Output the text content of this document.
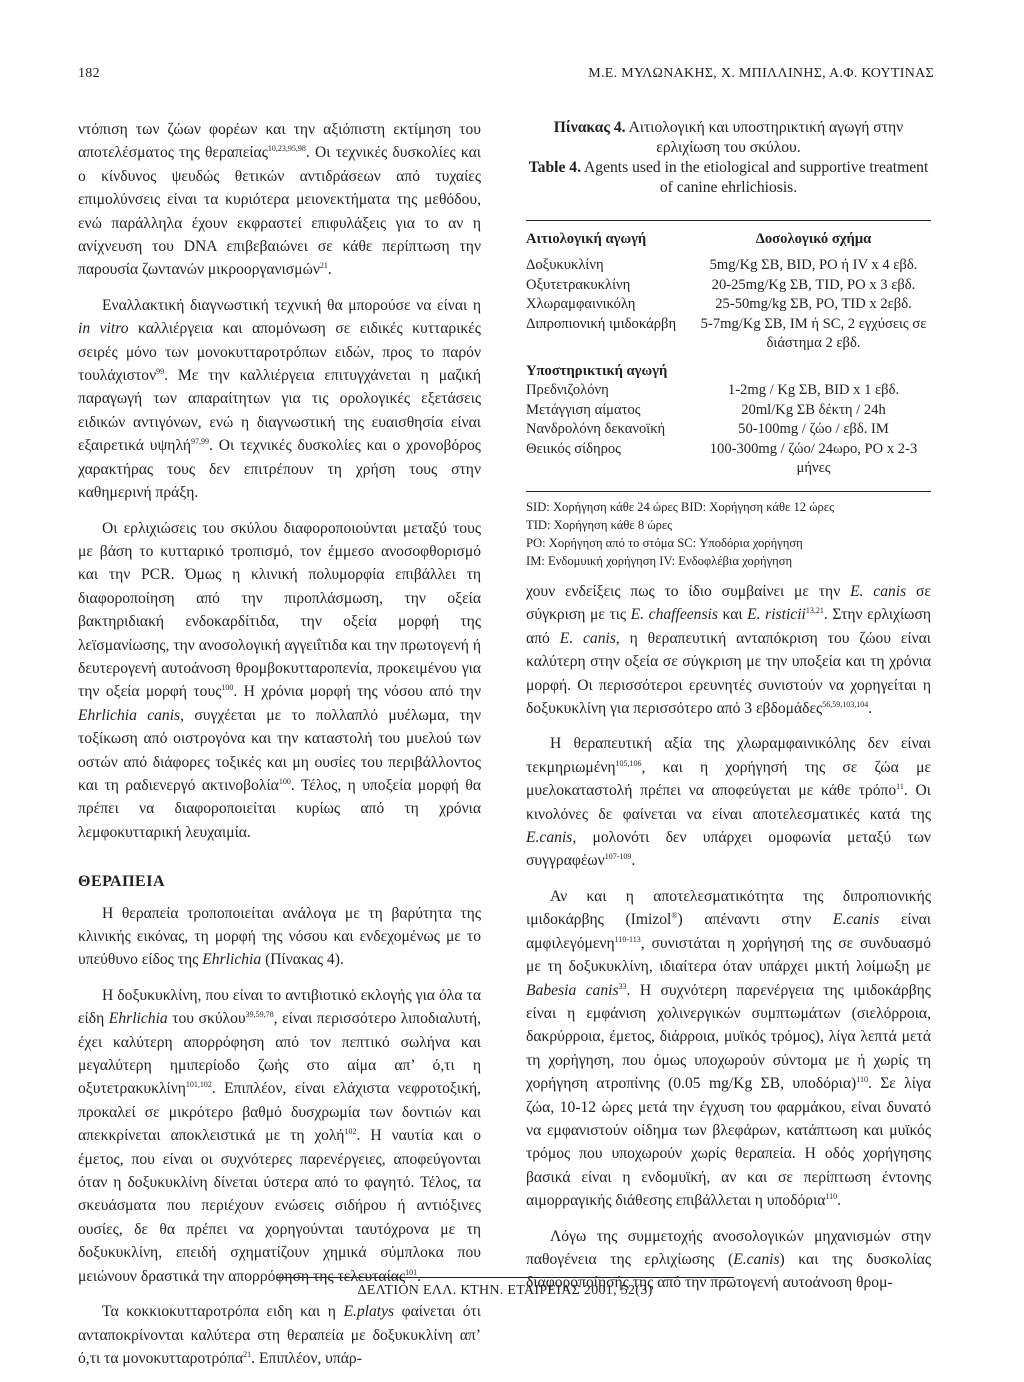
182	Μ.Ε. ΜΥΛΩΝΑΚΗΣ, Χ. ΜΠΙΛΛΙΝΗΣ, Α.Φ. ΚΟΥΤΙΝΑΣ

ντόπιση των ζώων φορέων και την αξιόπιστη εκτίμηση του αποτελέσματος της θεραπείας$^{10,23,95,98}$. Οι τεχνικές δυσκολίες και ο κίνδυνος ψευδώς θετικών αντιδράσεων από τυχαίες επιμολύνσεις είναι τα κυριότερα μειονεκτήματα της μεθόδου, ενώ παράλληλα έχουν εκφραστεί επιφυλάξεις για το αν η ανίχνευση του DNA επιβεβαιώνει σε κάθε περίπτωση την παρουσία ζωντανών μικροοργανισμών$^{21}$.

Εναλλακτική διαγνωστική τεχνική θα μπορούσε να είναι η in vitro καλλιέργεια και απομόνωση σε ειδικές κυτταρικές σειρές μόνο των μονοκυτταροτρόπων ειδών, προς το παρόν τουλάχιστον$^{99}$. Με την καλλιέργεια επιτυγχάνεται η μαζική παραγωγή των απαραίτητων για τις ορολογικές εξετάσεις ειδικών αντιγόνων, ενώ η διαγνωστική της ευαισθησία είναι εξαιρετικά υψηλή$^{97,99}$. Οι τεχνικές δυσκολίες και ο χρονοβόρος χαρακτήρας τους δεν επιτρέπουν τη χρήση τους στην καθημερινή πράξη.

Οι ερλιχιώσεις του σκύλου διαφοροποιούνται μεταξύ τους με βάση το κυτταρικό τροπισμό, τον έμμεσο ανοσοφθορισμό και την PCR. Όμως η κλινική πολυμορφία επιβάλλει τη διαφοροποίηση από την πιροπλάσμωση, την οξεία βακτηριδιακή ενδοκαρδίτιδα, την οξεία μορφή της λεϊσμανίωσης, την ανοσολογική αγγειΐτιδα και την πρωτογενή ή δευτερογενή αυτοάνοση θρομβοκυτταροπενία, προκειμένου για την οξεία μορφή τους$^{100}$. Η χρόνια μορφή της νόσου από την Ehrlichia canis, συγχέεται με το πολλαπλό μυέλωμα, την τοξίκωση από οιστρογόνα και την καταστολή του μυελού των οστών από διάφορες τοξικές και μη ουσίες του περιβάλλοντος και τη ραδιενεργό ακτινοβολία$^{100}$. Τέλος, η υποξεία μορφή θα πρέπει να διαφοροποιείται κυρίως από τη χρόνια λεμφοκυτταρική λευχαιμία.

ΘΕΡΑΠΕΙΑ

Η θεραπεία τροποποιείται ανάλογα με τη βαρύτητα της κλινικής εικόνας, τη μορφή της νόσου και ενδεχομένως με το υπεύθυνο είδος της Ehrlichia (Πίνακας 4).

Η δοξυκυκλίνη, που είναι το αντιβιοτικό εκλογής για όλα τα είδη Ehrlichia του σκύλου$^{39,59,78}$, είναι περισσότερο λιποδιαλυτή, έχει καλύτερη απορρόφηση από τον πεπτικό σωλήνα και μεγαλύτερη ημιπερίοδο ζωής στο αίμα απ’ ό,τι η οξυτετρακυκλίνη$^{101,102}$. Επιπλέον, είναι ελάχιστα νεφροτοξική, προκαλεί σε μικρότερο βαθμό δυσχρωμία των δοντιών και απεκκρίνεται αποκλειστικά με τη χολή$^{102}$. Η ναυτία και ο έμετος, που είναι οι συχνότερες παρενέργειες, αποφεύγονται όταν η δοξυκυκλίνη δίνεται ύστερα από το φαγητό. Τέλος, τα σκευάσματα που περιέχουν ενώσεις σιδήρου ή αντιόξινες ουσίες, δε θα πρέπει να χορηγούνται ταυτόχρονα με τη δοξυκυκλίνη, επειδή σχηματίζουν χημικά σύμπλοκα που μειώνουν δραστικά την απορρόφηση της τελευταίας$^{101}$.

Τα κοκκιοκυτταροτρόπα ειδη και η E.platys φαίνεται ότι ανταποκρίνονται καλύτερα στη θεραπεία με δοξυκυκλίνη απ’ ό,τι τα μονοκυτταροτρόπα$^{21}$. Επιπλέον, υπάρ-

Πίνακας 4. Αιτιολογική και υποστηρικτική αγωγή στην ερλιχίωση του σκύλου.
Table 4. Agents used in the etiological and supportive treatment of canine ehrlichiosis.
Αιτιολογική αγωγή	Δοσολογικό σχήμα
Δοξυκυκλίνη	5mg/Kg ΣΒ, BID, PO ή IV x 4 εβδ.
Οξυτετρακυκλίνη	20-25mg/Kg ΣΒ, TID, PO x 3 εβδ.
Χλωραμφαινικόλη	25-50mg/kg ΣΒ, PO, TID x 2εβδ.
Διπροπιονική ιμιδοκάρβη	5-7mg/Kg ΣΒ, IM ή SC, 2 εγχύσεις σε διάστημα 2 εβδ.
Υποστηρικτική αγωγή	
Πρεδνιζολόνη	1-2mg / Kg ΣΒ, BID x 1 εβδ.
Μετάγγιση αίματος	20ml/Kg ΣΒ δέκτη / 24h
Νανδρολόνη δεκανοϊκή	50-100mg / ζώο / εβδ. IM
Θειικός σίδηρος	100-300mg / ζώο/ 24ωρο, PO x 2-3 μήνες
SID: Χορήγηση κάθε 24 ώρες BID: Χορήγηση κάθε 12 ώρες
TID: Χορήγηση κάθε 8 ώρες
PO: Χορήγηση από το στόμα SC: Υποδόρια χορήγηση
IM: Ενδομυική χορήγηση IV: Ενδοφλέβια χορήγηση

χουν ενδείξεις πως το ίδιο συμβαίνει με την E. canis σε σύγκριση με τις E. chaffeensis και E. risticii$^{13,21}$. Στην ερλιχίωση από E. canis, η θεραπευτική ανταπόκριση του ζώου είναι καλύτερη στην οξεία σε σύγκριση με την υποξεία και τη χρόνια μορφή. Οι περισσότεροι ερευνητές συνιστούν να χορηγείται η δοξυκυκλίνη για περισσότερο από 3 εβδομάδες$^{56,59,103,104}$.

Η θεραπευτική αξία της χλωραμφαινικόλης δεν είναι τεκμηριωμένη$^{105,106}$, και η χορήγησή της σε ζώα με μυελοκαταστολή πρέπει να αποφεύγεται με κάθε τρόπο$^{11}$. Οι κινολόνες δε φαίνεται να είναι αποτελεσματικές κατά της E.canis, μολονότι δεν υπάρχει ομοφωνία μεταξύ των συγγραφέων$^{107-109}$.

Αν και η αποτελεσματικότητα της διπροπιονικής ιμιδοκάρβης (Imizol®) απέναντι στην E.canis είναι αμφιλεγόμενη$^{110-113}$, συνιστάται η χορήγησή της σε συνδυασμό με τη δοξυκυκλίνη, ιδιαίτερα όταν υπάρχει μικτή λοίμωξη με Babesia canis$^{33}$. Η συχνότερη παρενέργεια της ιμιδοκάρβης είναι η εμφάνιση χολινεργικών συμπτωμάτων (σιελόρροια, δακρύρροια, έμετος, διάρροια, μυϊκός τρόμος), λίγα λεπτά μετά τη χορήγηση, που όμως υποχωρούν σύντομα με ή χωρίς τη χορήγηση ατροπίνης (0.05 mg/Kg ΣΒ, υποδόρια)$^{110}$. Σε λίγα ζώα, 10-12 ώρες μετά την έγχυση του φαρμάκου, είναι δυνατό να εμφανιστούν οίδημα των βλεφάρων, κατάπτωση και μυϊκός τρόμος που υποχωρούν χωρίς θεραπεία. Η οδός χορήγησης βασικά είναι η ενδομυϊκή, αν και σε περίπτωση έντονης αιμορραγικής διάθεσης επιβάλλεται η υποδόρια$^{110}$.

Λόγω της συμμετοχής ανοσολογικών μηχανισμών στην παθογένεια της ερλιχίωσης (E.canis) και της δυσκολίας διαφοροποίησής της από την πρωτογενή αυτοάνοση θρομ-

ΔΕΛΤΙΟΝ ΕΛΛ. ΚΤΗΝ. ΕΤΑΙΡΕΙΑΣ 2001, 52(3)
